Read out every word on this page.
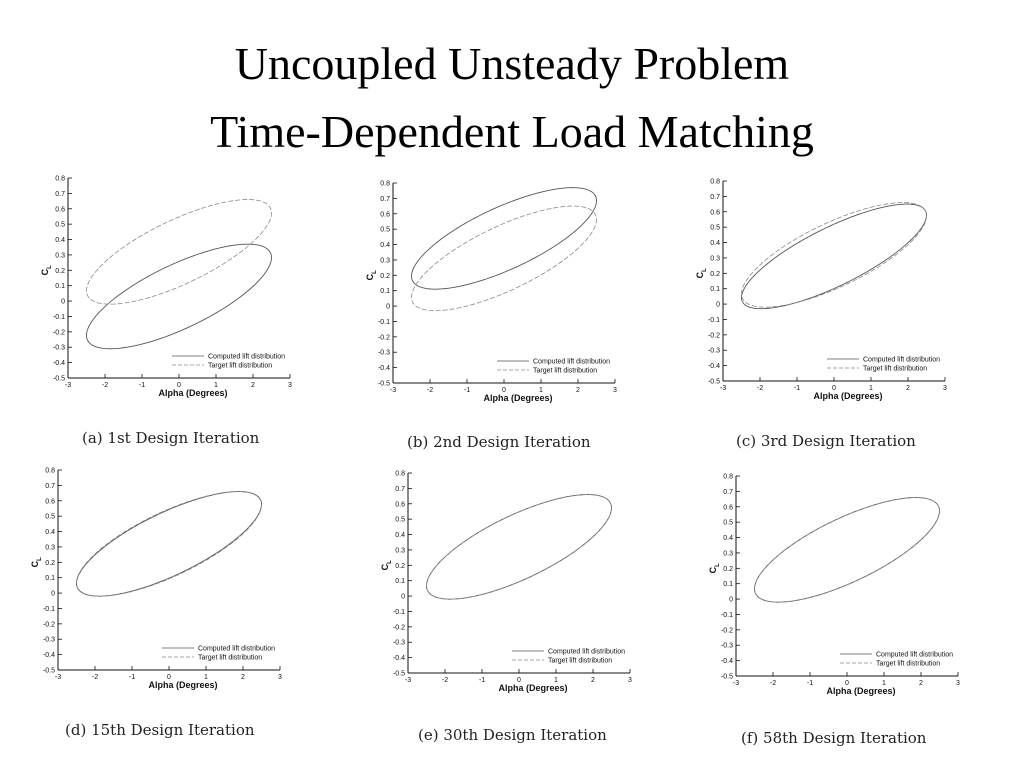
Uncoupled Unsteady Problem
Time-Dependent Load Matching
-0.5
-0.4
-0.3
-0.2
-0.1
0
0.1
0.2
0.3
0.4
0.5
0.6
0.7
0.8
-3	-2	-1	0	1	2	3
Alpha (Degrees)
$C_L$
Computed lift distribution
Target lift distribution
(a) 1st Design Iteration
-0.5
-0.4
-0.3
-0.2
-0.1
0
0.1
0.2
0.3
0.4
0.5
0.6
0.7
0.8
-3	-2	-1	0	1	2	3
Alpha (Degrees)
$C_L$
Computed lift distribution
Target lift distribution
(b) 2nd Design Iteration
-0.5
-0.4
-0.3
-0.2
-0.1
0
0.1
0.2
0.3
0.4
0.5
0.6
0.7
0.8
-3	-2	-1	0	1	2	3
Alpha (Degrees)
$C_L$
Computed lift distribution
Target lift distribution
(c) 3rd Design Iteration
-0.5
-0.4
-0.3
-0.2
-0.1
0
0.1
0.2
0.3
0.4
0.5
0.6
0.7
0.8
-3	-2	-1	0	1	2	3
Alpha (Degrees)
$C_L$
Computed lift distribution
Target lift distribution
(d) 15th Design Iteration
-0.5
-0.4
-0.3
-0.2
-0.1
0
0.1
0.2
0.3
0.4
0.5
0.6
0.7
0.8
-3	-2	-1	0	1	2	3
Alpha (Degrees)
$C_L$
Computed lift distribution
Target lift distribution
(e) 30th Design Iteration
-0.5
-0.4
-0.3
-0.2
-0.1
0
0.1
0.2
0.3
0.4
0.5
0.6
0.7
0.8
-3	-2	-1	0	1	2	3
Alpha (Degrees)
$C_L$
Computed lift distribution
Target lift distribution
(f) 58th Design Iteration
